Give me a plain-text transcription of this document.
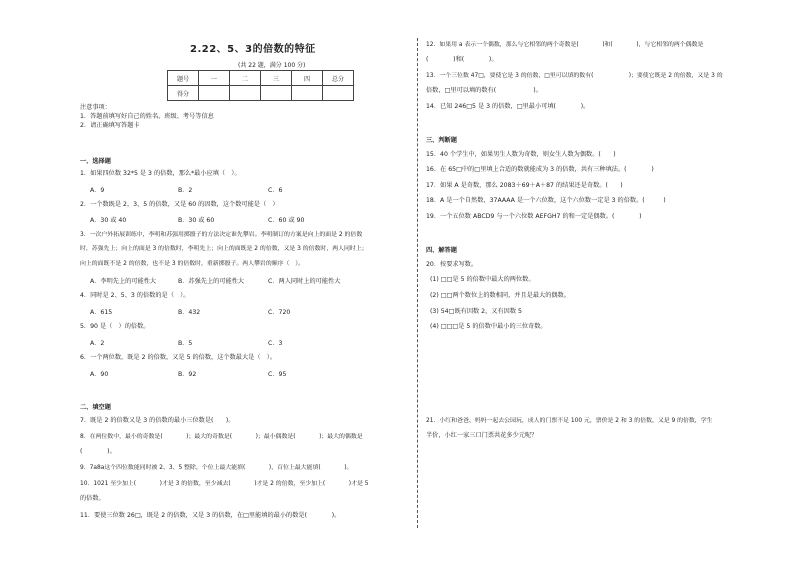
2.22、5、3的倍数的特征
(共 22 题，满分 100 分)
题号	一	二	三	四	总分
得分					
注意事项：
1．答题前填写好自己的姓名、班级、考号等信息
2．请正确填写答题卡
一、选择题
1．如果四位数 32*5 是 3 的倍数，那么*最小应填（　）。
A．9	B．2	C．6
2．一个数既是 2，3，5 的倍数，又是 60 的因数，这个数可能是（　）
A．30 或 40	B．30 或 60	C．60 或 90
3．一次户外拓展训练中，李明和苏强用掷骰子的方法决定谁先攀岩。李明制订的方案是向上的面是 2 的倍数
时，苏强先上；向上的面是 3 的倍数时，李明先上；向上的面既是 2 的倍数，又是 3 的倍数时，两人同时上；
向上的面既不是 2 的倍数，也不是 3 的倍数时，重新掷骰子。两人攀岩的顺序（　）。
A．李明先上的可能性大	B．苏强先上的可能性大	C．两人同时上的可能性大
4．同时是 2、5、3 的倍数的是（　）。
A．615	B．432	C．720
5．90 是（　）的倍数。
A．2	B．5	C．3
6．一个两位数，既是 2 的倍数，又是 5 的倍数，这个数最大是（　）。
A．90	B．92	C．95
二、填空题
7．既是 2 的倍数又是 3 的倍数的最小三位数是(　　)。
8．在两位数中，最小的奇数是(　　　　)；最大的奇数是(　　　　)；最小偶数是(　　　　)；最大的偶数是
(　　　　)。
9．7a8a这个四位数能同时被 2、3、5 整除，个位上最大能填(　　　　)，百位上最大能填(　　　　)。
10．1021 至少加上(　　　　)才是 3 的倍数，至少减去(　　　　)才是 2 的倍数，至少加上(　　　　)才是 5
的倍数。
11．要使三位数 26□，既是 2 的倍数，又是 3 的倍数，在□里能填的最小的数是(　　　　)。
12．如果用 a 表示一个偶数，那么与它相邻的两个奇数是(　　　　)和(　　　　)，与它相邻的两个偶数是
(　　　　)和(　　　　)。
13．一个三位数 47□，要使它是 3 的倍数，□里可以填的数有(　　　　　　)；要使它既是 2 的倍数，又是 3 的
倍数，□里可以填的数有(　　　　　　)。
14．已知 246□5 是 3 的倍数，□里最小可填(　　　　)。
三、判断题
15．40 个学生中，如果男生人数为奇数，则女生人数为偶数。(　　)
16．在 65□中的□里填上合适的数就能成为 3 的倍数，共有三种填法。(　　　　)
17．如果 A 是奇数，那么 2083＋69＋A＋87 的结果还是奇数。(　　)
18．A 是一个自然数，37AAAA 是一个六位数，这个六位数一定是 3 的倍数。(　　　)
19．一个五位数 ABCD9 与一个六位数 AEFGH7 的和一定是偶数。(　　　　)
四、解答题
20．按要求写数。
(1) □□是 5 的倍数中最大的两位数。
(2) □□两个数位上的数相同，并且是最大的偶数。
(3) 54□既有因数 2，又有因数 5
(4) □□□是 5 的倍数中最小的三位奇数。
21．小红和爸爸、妈妈一起去公园玩，成人的门票不足 100 元，票价是 2 和 3 的倍数，又是 9 的倍数，学生
半价，小红一家三口门票共花多少元呢？
